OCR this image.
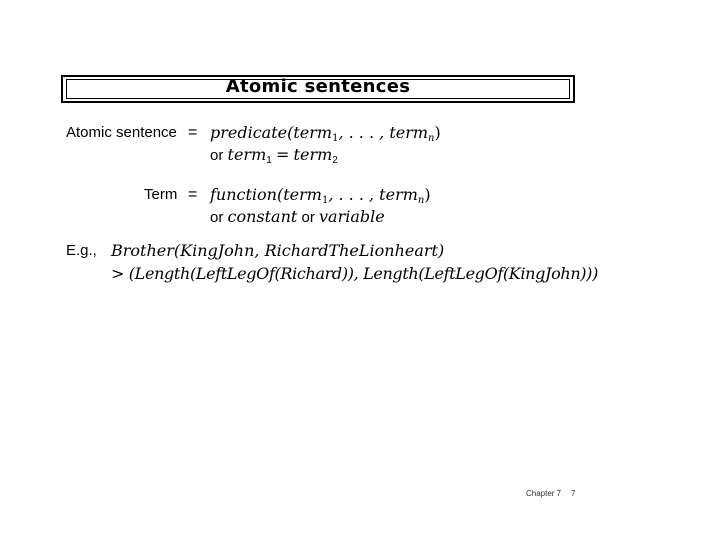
Atomic sentences
Atomic sentence = predicate(term$_1$, . . . , term$_n$)
or term$_1$ = term$_2$
Term = function(term$_1$, . . . , term$_n$)
or constant or variable
E.g., Brother(KingJohn, RichardTheLionheart)
> (Length(LeftLegOf(Richard)), Length(LeftLegOf(KingJohn)))
Chapter 7 7
